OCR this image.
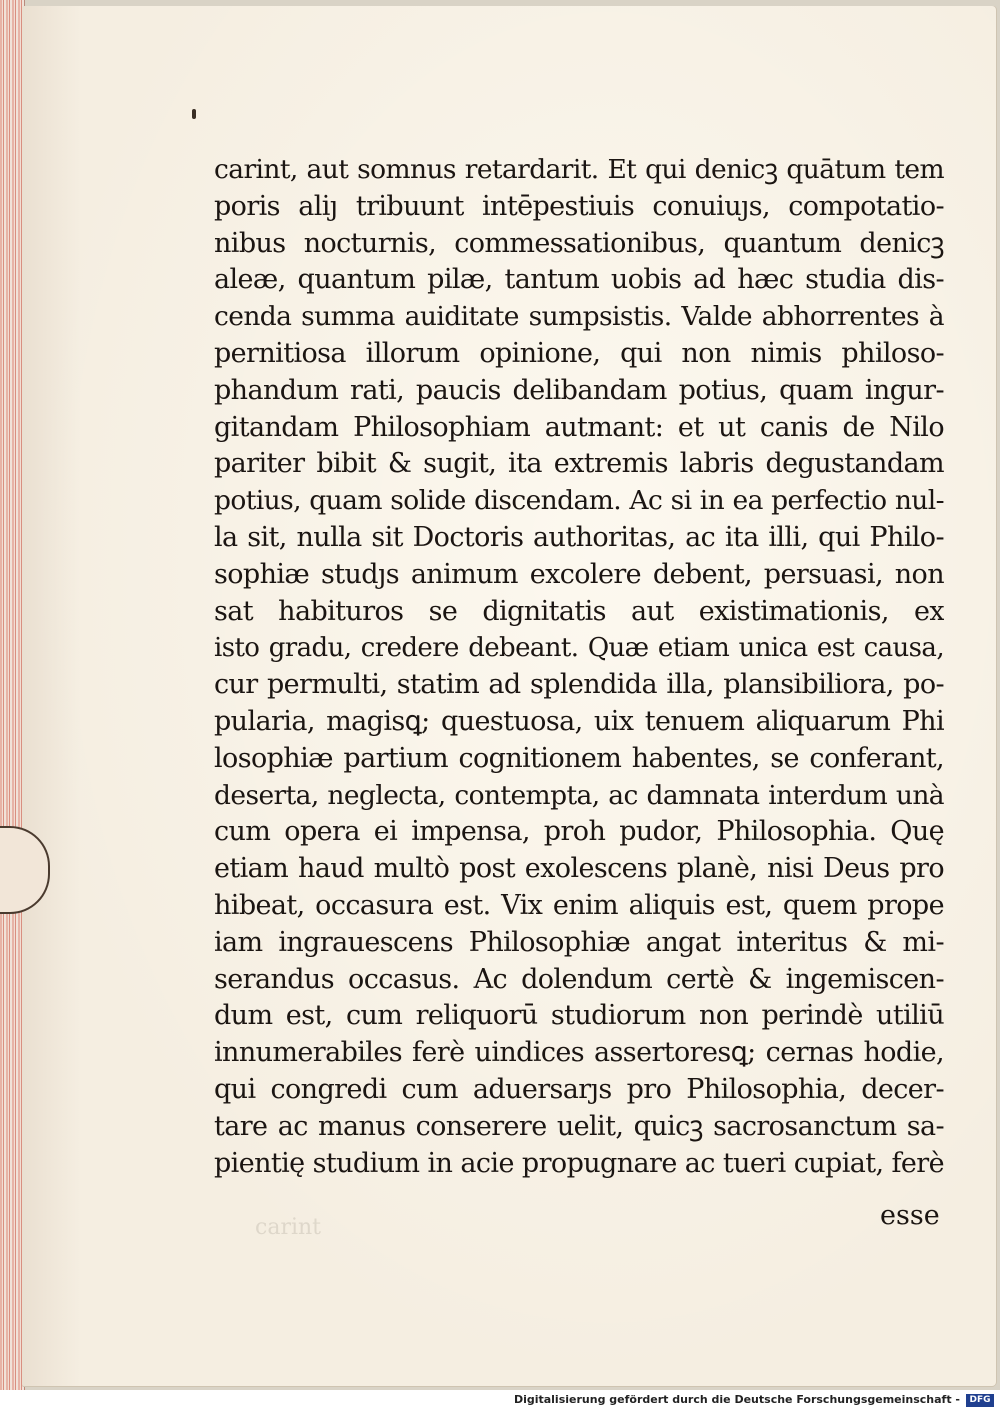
carint, aut somnus retardarit. Et qui denicꝫ quātum tem
poris aliȷ tribuunt intēpestiuis conuiuȷs, compotatio-
nibus nocturnis, commessationibus, quantum denicꝫ
aleæ, quantum pilæ, tantum uobis ad hæc studia dis-
cenda summa auiditate sumpsistis. Valde abhorrentes à
pernitiosa illorum opinione, qui non nimis philoso-
phandum rati, paucis delibandam potius, quam ingur-
gitandam Philosophiam autmant: et ut canis de Nilo
pariter bibit & sugit, ita extremis labris degustandam
potius, quam solide discendam. Ac si in ea perfectio nul-
la sit, nulla sit Doctoris authoritas, ac ita illi, qui Philo-
sophiæ studȷs animum excolere debent, persuasi, non
sat habituros se dignitatis aut existimationis, ex
isto gradu, credere debeant. Quæ etiam unica est causa,
cur permulti, statim ad splendida illa, plansibiliora, po-
pularia, magisꝗ; questuosa, uix tenuem aliquarum Phi
losophiæ partium cognitionem habentes, se conferant,
deserta, neglecta, contempta, ac damnata interdum unà
cum opera ei impensa, proh pudor, Philosophia. Quę
etiam haud multò post exolescens planè, nisi Deus pro
hibeat, occasura est. Vix enim aliquis est, quem prope
iam ingrauescens Philosophiæ angat interitus & mi-
serandus occasus. Ac dolendum certè & ingemiscen-
dum est, cum reliquorū studiorum non perindè utiliū
innumerabiles ferè uindices assertoresꝗ; cernas hodie,
qui congredi cum aduersarȷs pro Philosophia, decer-
tare ac manus conserere uelit, quicꝫ sacrosanctum sa-
pientię studium in acie propugnare ac tueri cupiat, ferè
esse
carint
Digitalisierung gefördert durch die Deutsche Forschungsgemeinschaft -	DFG
